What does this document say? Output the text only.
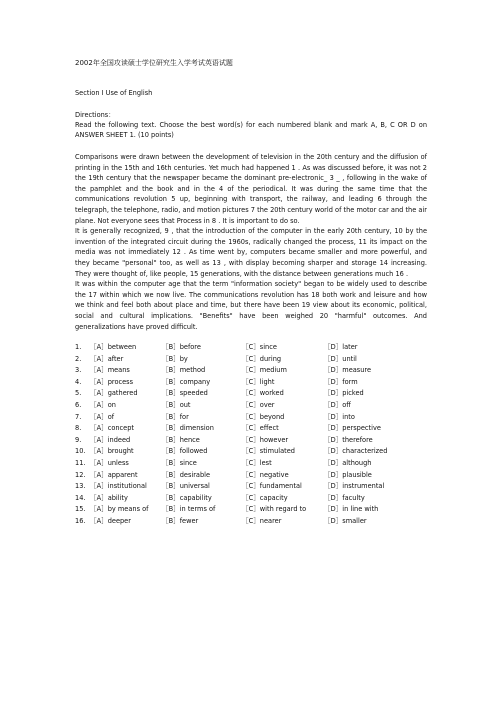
2002年全国攻读硕士学位研究生入学考试英语试题
Section I Use of English
Directions：
Read the following text. Choose the best word(s) for each numbered blank and mark A, B, C OR D on ANSWER SHEET 1. (10 points)

Comparisons were drawn between the development of television in the 20th century and the diffusion of printing in the 15th and 16th centuries. Yet much had happened 1 . As was discussed before, it was not 2 the 19th century that the newspaper became the dominant pre-electronic_ 3 _ , following in the wake of the pamphlet and the book and in the 4 of the periodical. It was during the same time that the communications revolution 5 up, beginning with transport, the railway, and leading 6 through the telegraph, the telephone, radio, and motion pictures 7 the 20th century world of the motor car and the air plane. Not everyone sees that Process in 8 . It is important to do so.

It is generally recognized, 9 , that the introduction of the computer in the early 20th century, 10 by the invention of the integrated circuit during the 1960s, radically changed the process, 11 its impact on the media was not immediately 12 . As time went by, computers became smaller and more powerful, and they became "personal" too, as well as 13 , with display becoming sharper and storage 14 increasing. They were thought of, like people, 15 generations, with the distance between generations much 16 .

It was within the computer age that the term "information society" began to be widely used to describe the 17 within which we now live. The communications revolution has 18 both work and leisure and how we think and feel both about place and time, but there have been 19 view about its economic, political, social and cultural implications. "Benefits" have been weighed 20 "harmful" outcomes. And generalizations have proved difficult.

1.	［A］between	［B］before	［C］since	［D］later
2.	［A］after	［B］by	［C］during	［D］until
3.	［A］means	［B］method	［C］medium	［D］measure
4.	［A］process	［B］company	［C］light	［D］form
5.	［A］gathered	［B］speeded	［C］worked	［D］picked
6.	［A］on	［B］out	［C］over	［D］off
7.	［A］of	［B］for	［C］beyond	［D］into
8.	［A］concept	［B］dimension	［C］effect	［D］perspective
9.	［A］indeed	［B］hence	［C］however	［D］therefore
10. ［A］brought	［B］followed	［C］stimulated	［D］characterized
11. ［A］unless	［B］since	［C］lest	［D］although
12. ［A］apparent	［B］desirable	［C］negative	［D］plausible
13. ［A］institutional	［B］universal	［C］fundamental	［D］instrumental
14. ［A］ability	［B］capability	［C］capacity	［D］faculty
15. ［A］by means of	［B］in terms of	［C］with regard to	［D］in line with
16. ［A］deeper	［B］fewer	［C］nearer	［D］smaller
